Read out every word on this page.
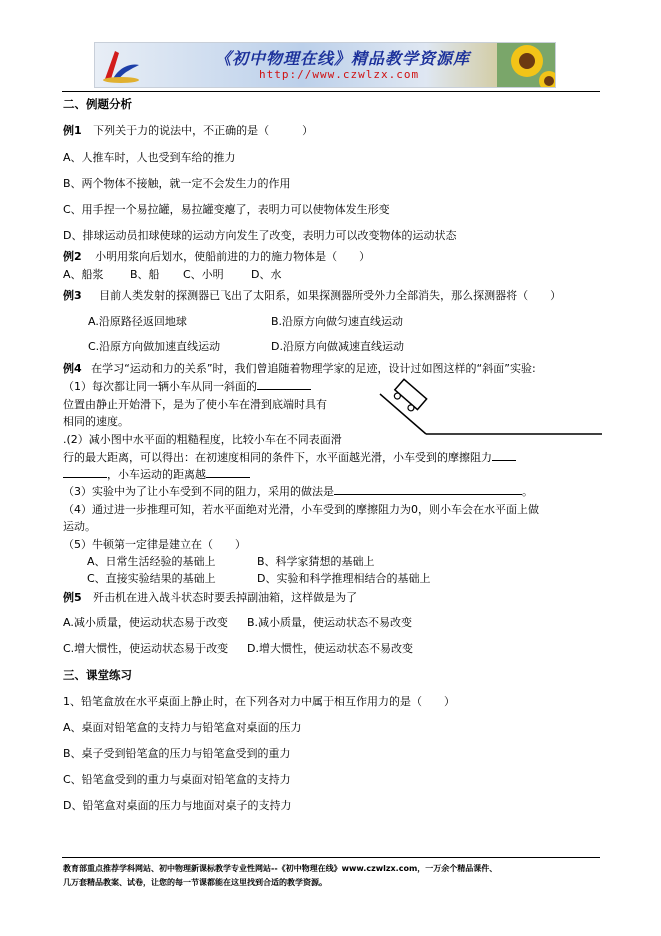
《初中物理在线》精品教学资源库
http://www.czwlzx.com
二、例题分析
例1 下列关于力的说法中，不正确的是（　　　）
A、人推车时，人也受到车给的推力
B、两个物体不接触，就一定不会发生力的作用
C、用手捏一个易拉罐，易拉罐变瘪了，表明力可以使物体发生形变
D、排球运动员扣球使球的运动方向发生了改变，表明力可以改变物体的运动状态
例2 小明用浆向后划水，使船前进的力的施力物体是（　　）
A、船浆 B、船 C、小明 D、水
例3 目前人类发射的探测器已飞出了太阳系，如果探测器所受外力全部消失，那么探测器将（　　）
A.沿原路径返回地球	B.沿原方向做匀速直线运动
C.沿原方向做加速直线运动	D.沿原方向做减速直线运动
例4 在学习“运动和力的关系”时，我们曾追随着物理学家的足迹，设计过如图这样的“斜面”实验:
（1）每次都让同一辆小车从同一斜面的
位置由静止开始滑下，是为了使小车在滑到底端时具有
相同的速度。
.(2）减小图中水平面的粗糙程度，比较小车在不同表面滑
行的最大距离，可以得出：在初速度相同的条件下，水平面越光滑，小车受到的摩擦阻力
，小车运动的距离越
（3）实验中为了让小车受到不同的阻力，采用的做法是	。
（4）通过进一步推理可知，若水平面绝对光滑，小车受到的摩擦阻力为0，则小车会在水平面上做
运动。
（5）牛顿第一定律是建立在（　　）
A、日常生活经验的基础上	B、科学家猜想的基础上
C、直接实验结果的基础上	D、实验和科学推理相结合的基础上
例5 歼击机在进入战斗状态时要丢掉副油箱，这样做是为了
A.减小质量，使运动状态易于改变 B.减小质量，使运动状态不易改变
C.增大惯性，使运动状态易于改变 D.增大惯性，使运动状态不易改变
三、课堂练习
1、铅笔盒放在水平桌面上静止时，在下列各对力中属于相互作用力的是（　　）
A、桌面对铅笔盒的支持力与铅笔盒对桌面的压力
B、桌子受到铅笔盒的压力与铅笔盒受到的重力
C、铅笔盒受到的重力与桌面对铅笔盒的支持力
D、铅笔盒对桌面的压力与地面对桌子的支持力
教育部重点推荐学科网站、初中物理新课标教学专业性网站--《初中物理在线》www.czwlzx.com，一万余个精品课件、
几万套精品教案、试卷，让您的每一节课都能在这里找到合适的教学资源。
